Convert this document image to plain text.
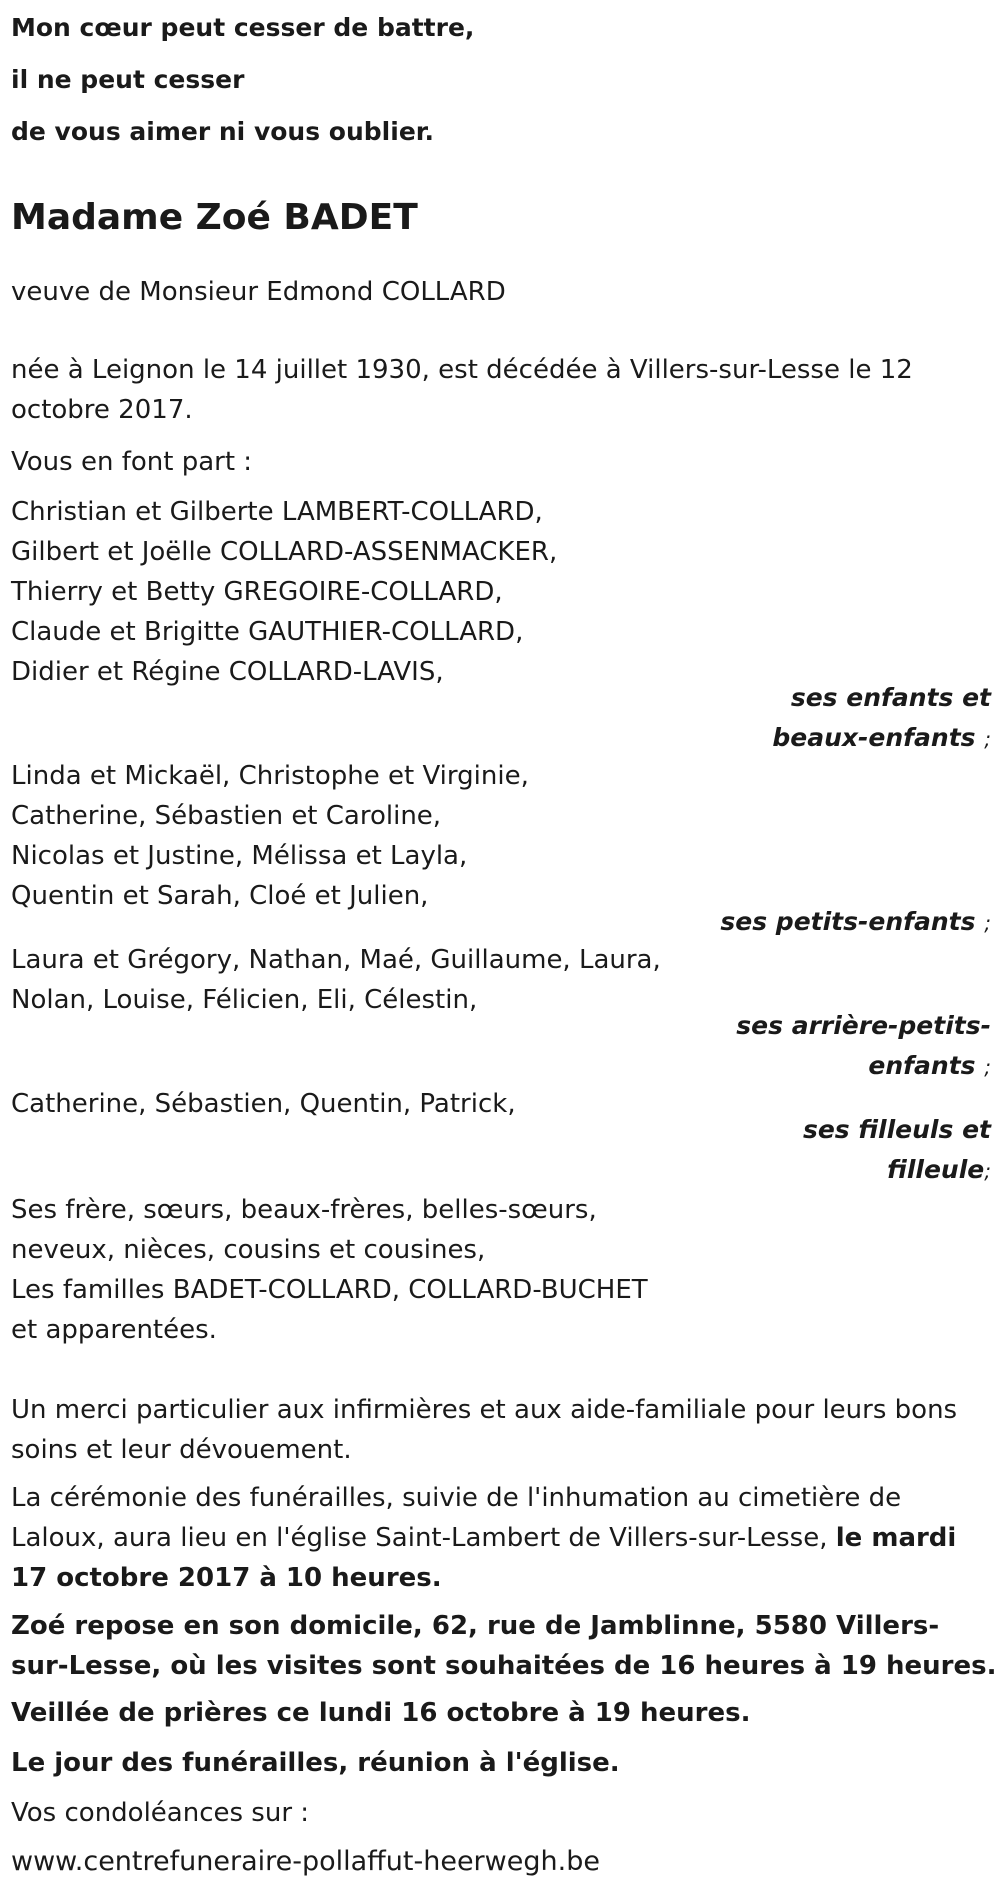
Mon cœur peut cesser de battre,
il ne peut cesser
de vous aimer ni vous oublier.
Madame Zoé BADET
veuve de Monsieur Edmond COLLARD
née à Leignon le 14 juillet 1930, est décédée à Villers-sur-Lesse le 12
octobre 2017.
Vous en font part :
Christian et Gilberte LAMBERT-COLLARD,
Gilbert et Joëlle COLLARD-ASSENMACKER,
Thierry et Betty GREGOIRE-COLLARD,
Claude et Brigitte GAUTHIER-COLLARD,
Didier et Régine COLLARD-LAVIS,
ses enfants et
beaux-enfants ;
Linda et Mickaël, Christophe et Virginie,
Catherine, Sébastien et Caroline,
Nicolas et Justine, Mélissa et Layla,
Quentin et Sarah, Cloé et Julien,
ses petits-enfants ;
Laura et Grégory, Nathan, Maé, Guillaume, Laura,
Nolan, Louise, Félicien, Eli, Célestin,
ses arrière-petits-
enfants ;
Catherine, Sébastien, Quentin, Patrick,
ses filleuls et
filleule;
Ses frère, sœurs, beaux-frères, belles-sœurs,
neveux, nièces, cousins et cousines,
Les familles BADET-COLLARD, COLLARD-BUCHET
et apparentées.
Un merci particulier aux infirmières et aux aide-familiale pour leurs bons
soins et leur dévouement.
La cérémonie des funérailles, suivie de l'inhumation au cimetière de
Laloux, aura lieu en l'église Saint-Lambert de Villers-sur-Lesse, le mardi
17 octobre 2017 à 10 heures.
Zoé repose en son domicile, 62, rue de Jamblinne, 5580 Villers-
sur-Lesse, où les visites sont souhaitées de 16 heures à 19 heures.
Veillée de prières ce lundi 16 octobre à 19 heures.
Le jour des funérailles, réunion à l'église.
Vos condoléances sur :
www.centrefuneraire-pollaffut-heerwegh.be
